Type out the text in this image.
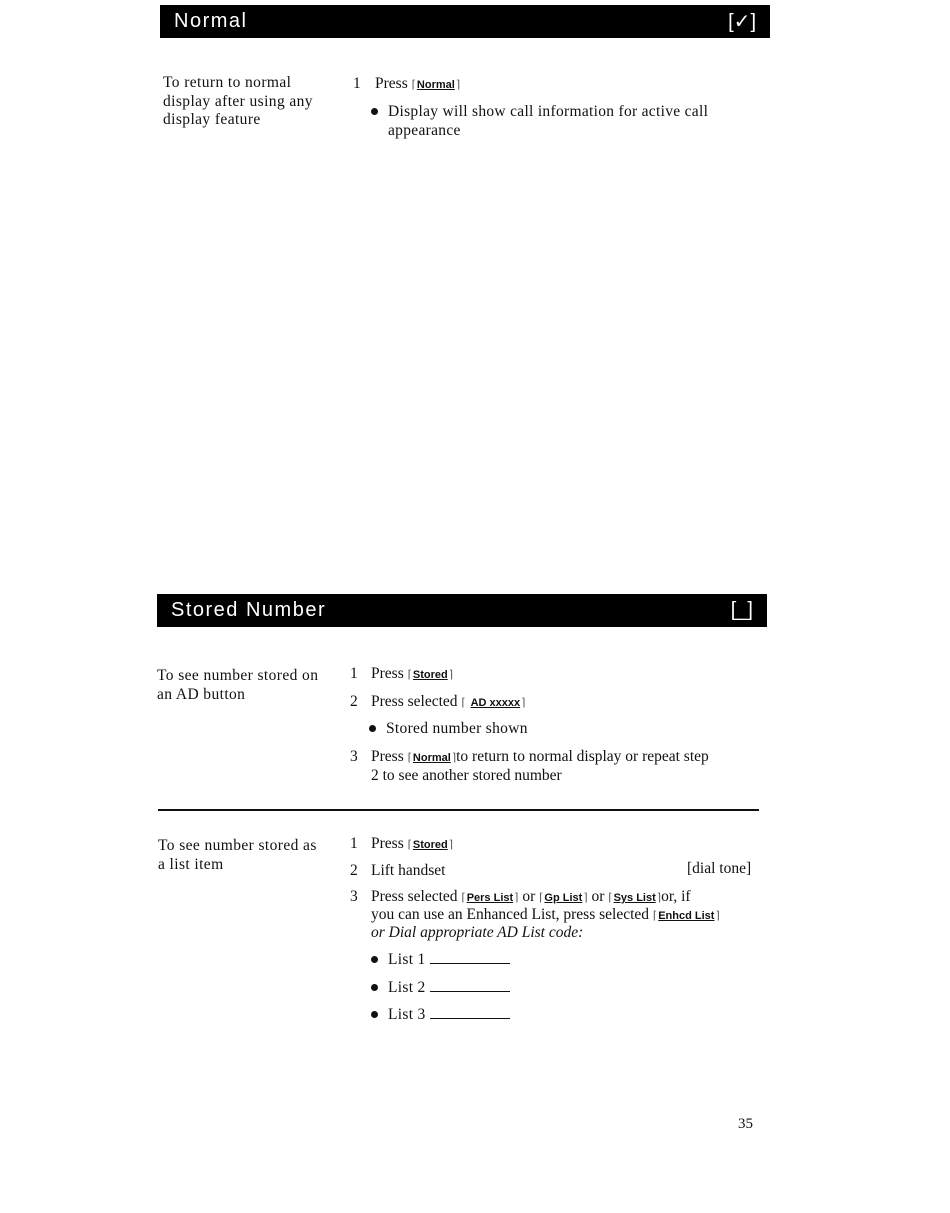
Normal	[✓]
To return to normal display after using any display feature
1 Press ⌈Normal⌉
Display will show call information for active call
appearance
Stored Number	[_]
To see number stored on an AD button
1 Press ⌈Stored⌉
2 Press selected ⌈ AD xxxxx⌉
Stored number shown
3 Press ⌈Normal⌉to return to normal display or repeat step
2 to see another stored number
To see number stored as a list item
1 Press ⌈Stored⌉
2 Lift handset	[dial tone]
3 Press selected ⌈Pers List⌉ or ⌈Gp List⌉ or ⌈Sys List⌉or, if
you can use an Enhanced List, press selected ⌈Enhcd List⌉
or Dial appropriate AD List code:
List 1
List 2
List 3
35
